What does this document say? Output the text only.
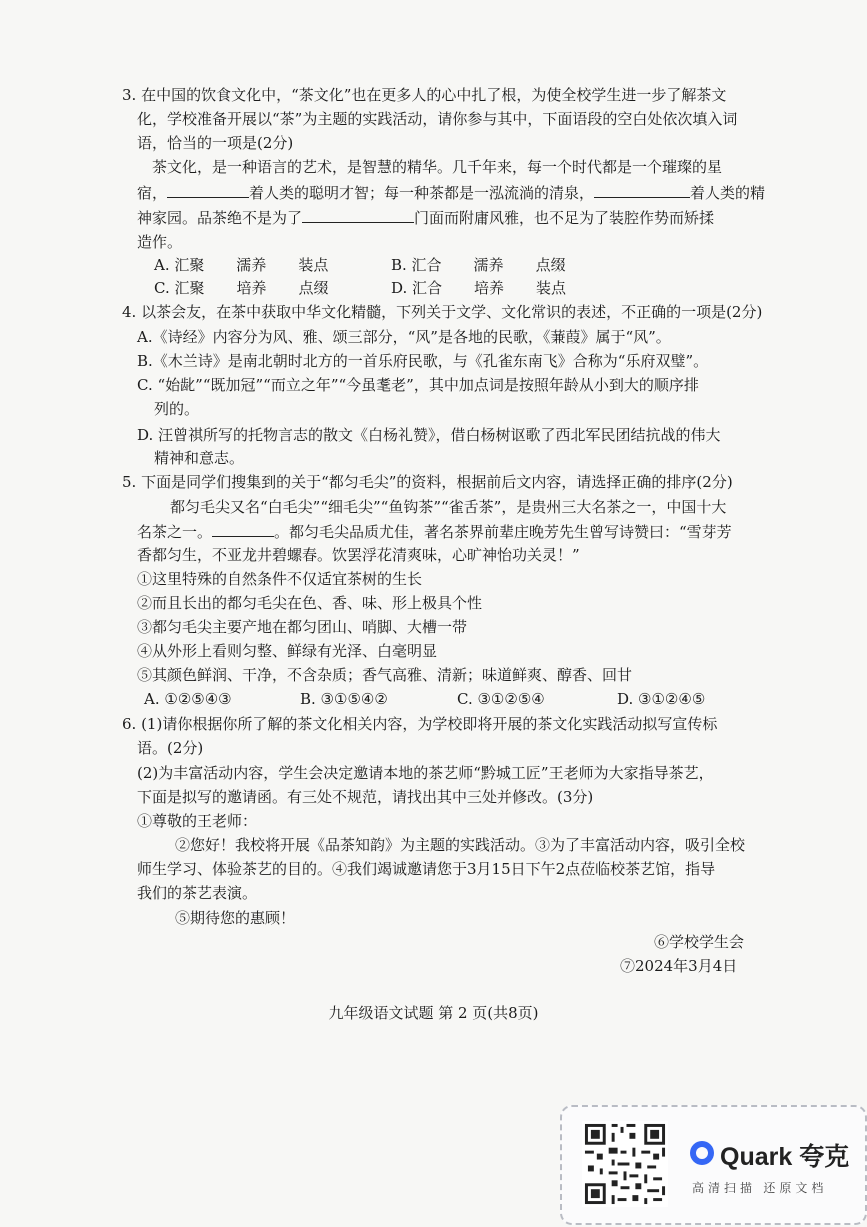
3. 在中国的饮食文化中，“茶文化”也在更多人的心中扎了根，为使全校学生进一步了解茶文
化，学校准备开展以“茶”为主题的实践活动，请你参与其中，下面语段的空白处依次填入词
语，恰当的一项是(2分)
茶文化，是一种语言的艺术，是智慧的精华。几千年来，每一个时代都是一个璀璨的星
宿，	着人类的聪明才智；每一种茶都是一泓流淌的清泉，	着人类的精
神家园。品茶绝不是为了	门面而附庸风雅，也不足为了装腔作势而矫揉
造作。
A. 汇聚 濡养 装点	B. 汇合 濡养 点缀
C. 汇聚 培养 点缀	D. 汇合 培养 装点
4. 以茶会友，在茶中获取中华文化精髓，下列关于文学、文化常识的表述，不正确的一项是(2分)
A.《诗经》内容分为风、雅、颂三部分，“风”是各地的民歌，《蒹葭》属于“风”。
B.《木兰诗》是南北朝时北方的一首乐府民歌，与《孔雀东南飞》合称为“乐府双璧”。
C. “始龀”“既加冠”“而立之年”“今虽耄老”，其中加点词是按照年龄从小到大的顺序排
列的。
D. 汪曾祺所写的托物言志的散文《白杨礼赞》，借白杨树讴歌了西北军民团结抗战的伟大
精神和意志。
5. 下面是同学们搜集到的关于“都匀毛尖”的资料，根据前后文内容，请选择正确的排序(2分)
都匀毛尖又名“白毛尖”“细毛尖”“鱼钩茶”“雀舌茶”，是贵州三大名茶之一，中国十大
名茶之一。	。都匀毛尖品质尤佳，著名茶界前辈庄晚芳先生曾写诗赞曰：“雪芽芳
香都匀生，不亚龙井碧螺春。饮罢浮花清爽味，心旷神怡功关灵！”
①这里特殊的自然条件不仅适宜茶树的生长
②而且长出的都匀毛尖在色、香、味、形上极具个性
③都匀毛尖主要产地在都匀团山、哨脚、大槽一带
④从外形上看则匀整、鲜绿有光泽、白毫明显
⑤其颜色鲜润、干净，不含杂质；香气高雅、清新；味道鲜爽、醇香、回甘
A. ①②⑤④③	B. ③①⑤④②	C. ③①②⑤④	D. ③①②④⑤
6. (1)请你根据你所了解的茶文化相关内容，为学校即将开展的茶文化实践活动拟写宣传标
语。(2分)
(2)为丰富活动内容，学生会决定邀请本地的茶艺师“黔城工匠”王老师为大家指导茶艺，
下面是拟写的邀请函。有三处不规范，请找出其中三处并修改。(3分)
①尊敬的王老师：
②您好！我校将开展《品茶知韵》为主题的实践活动。③为了丰富活动内容，吸引全校
师生学习、体验茶艺的目的。④我们竭诚邀请您于3月15日下午2点莅临校茶艺馆，指导
我们的茶艺表演。
⑤期待您的惠顾！
⑥学校学生会
⑦2024年3月4日
九年级语文试题 第 2 页(共8页)
Quark 夸克
高清扫描 还原文档
